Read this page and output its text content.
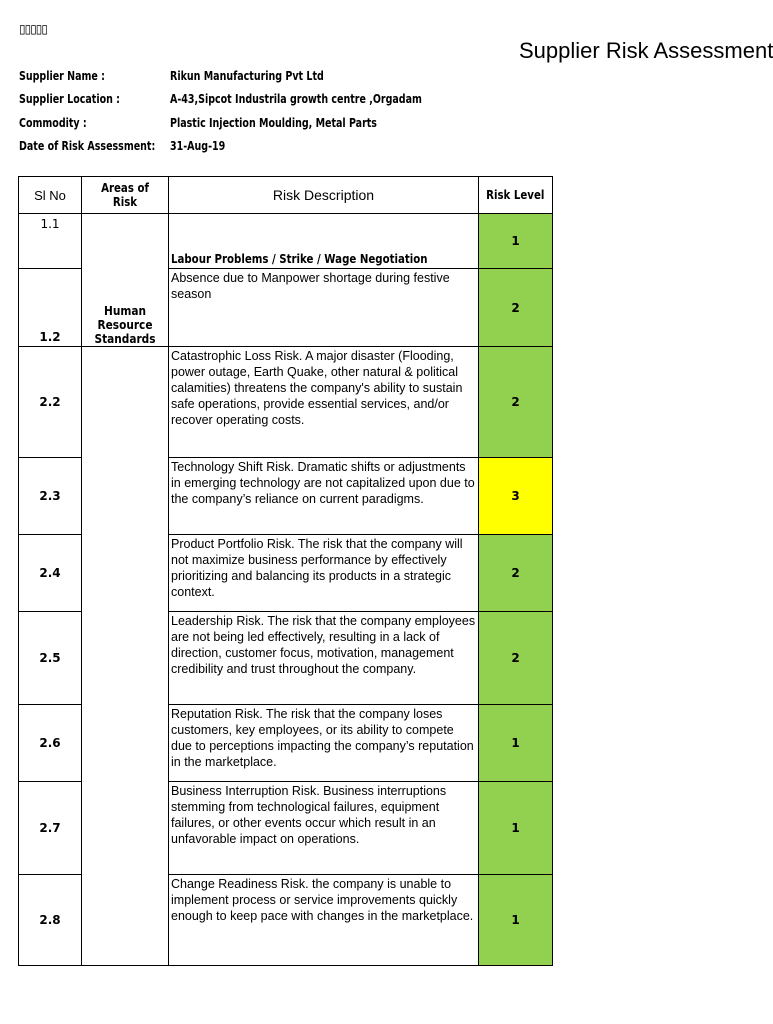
▯▯▯▯▯
Supplier Risk Assessment
Supplier Name :	Rikun Manufacturing Pvt Ltd
Supplier Location :	A-43,Sipcot Industrila growth centre ,Orgadam
Commodity :	Plastic Injection Moulding, Metal Parts
Date of Risk Assessment: 31-Aug-19
Sl No	Areas of Risk	Risk Description	Risk Level
1.1	Human Resource Standards	Labour Problems / Strike / Wage Negotiation	1
1.2		Absence due to Manpower shortage during festive season	2
2.2		Catastrophic Loss Risk. A major disaster (Flooding, power outage, Earth Quake, other natural & political calamities) threatens the company's ability to sustain safe operations, provide essential services, and/or recover operating costs.	2
2.3		Technology Shift Risk. Dramatic shifts or adjustments in emerging technology are not capitalized upon due to the company’s reliance on current paradigms.	3
2.4		Product Portfolio Risk. The risk that the company will not maximize business performance by effectively prioritizing and balancing its products in a strategic context.	2
2.5		Leadership Risk. The risk that the company employees are not being led effectively, resulting in a lack of direction, customer focus, motivation, management credibility and trust throughout the company.	2
2.6		Reputation Risk. The risk that the company loses customers, key employees, or its ability to compete due to perceptions impacting the company’s reputation in the marketplace.	1
2.7		Business Interruption Risk. Business interruptions stemming from technological failures, equipment failures, or other events occur which result in an unfavorable impact on operations.	1
2.8		Change Readiness Risk. the company is unable to implement process or service improvements quickly enough to keep pace with changes in the marketplace.	1
